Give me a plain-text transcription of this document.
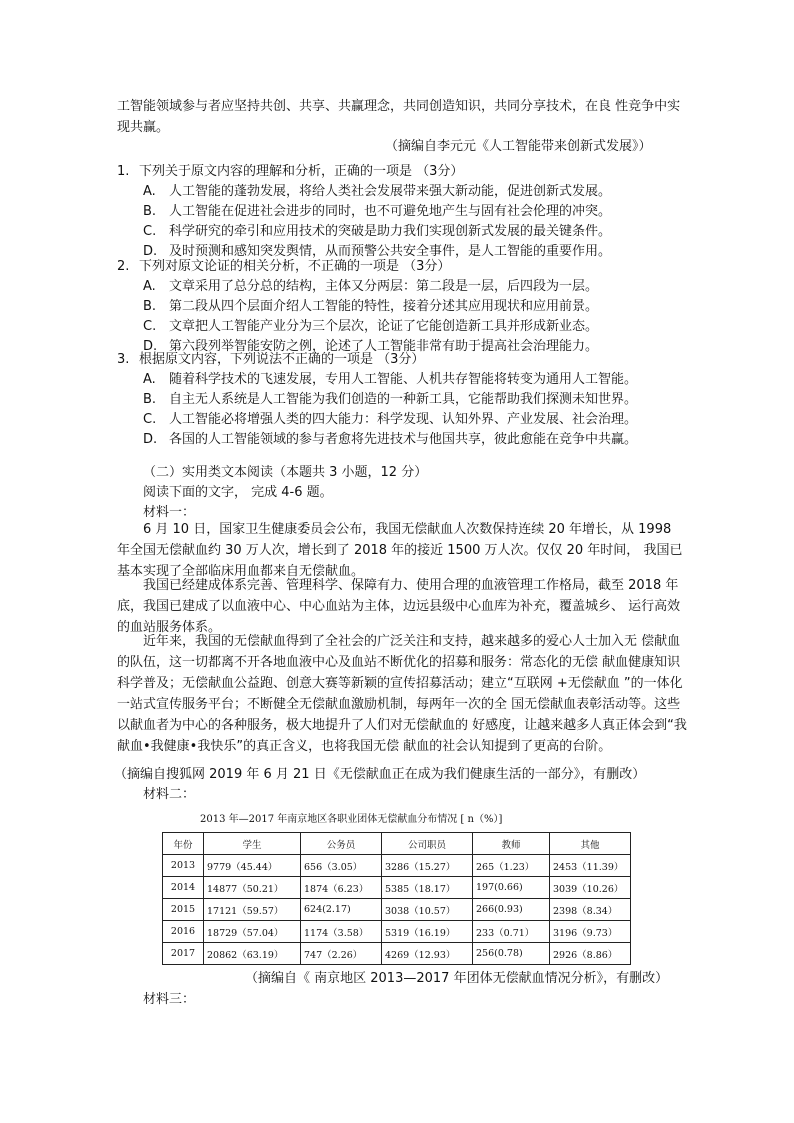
工智能领域参与者应坚持共创、共享、共赢理念，共同创造知识，共同分享技术，在良 性竞争中实现共赢。

（摘编自李元元《人工智能带来创新式发展》）

1. 下列关于原文内容的理解和分析，正确的一项是 （3分）
A.	人工智能的蓬勃发展，将给人类社会发展带来强大新动能，促进创新式发展。
B. 人工智能在促进社会进步的同时，也不可避免地产生与固有社会伦理的冲突。
C. 科学研究的牵引和应用技术的突破是助力我们实现创新式发展的最关键条件。
D. 及时预测和感知突发舆情，从而预警公共安全事件，是人工智能的重要作用。
2. 下列对原文论证的相关分析，不正确的一项是 （3分）
A.	文章采用了总分总的结构，主体又分两层：第二段是一层，后四段为一层。
B. 第二段从四个层面介绍人工智能的特性，接着分述其应用现状和应用前景。
C. 文章把人工智能产业分为三个层次，论证了它能创造新工具并形成新业态。
D. 第六段列举智能安防之例，论述了人工智能非常有助于提高社会治理能力。
3. 根据原文内容，下列说法不正确的一项是 （3分）
A.	随着科学技术的飞速发展，专用人工智能、人机共存智能将转变为通用人工智能。
B. 自主无人系统是人工智能为我们创造的一种新工具，它能帮助我们探测未知世界。
C. 人工智能必将增强人类的四大能力：科学发现、认知外界、产业发展、社会治理。
D. 各国的人工智能领域的参与者愈将先进技术与他国共享，彼此愈能在竞争中共赢。

（二）实用类文本阅读（本题共 3 小题，12 分）

阅读下面的文字， 完成 4-6 题。

材料一：

6 月 10 日，国家卫生健康委员会公布，我国无偿献血人次数保持连续 20 年增长，从 1998 年全国无偿献血约 30 万人次，增长到了 2018 年的接近 1500 万人次。仅仅 20 年时间， 我国已基本实现了全部临床用血都来自无偿献血。

我国已经建成体系完善、管理科学、保障有力、使用合理的血液管理工作格局，截至 2018 年底，我国已建成了以血液中心、中心血站为主体，边远县级中心血库为补充，覆盖城乡、 运行高效的血站服务体系。

近年来，我国的无偿献血得到了全社会的广泛关注和支持，越来越多的爱心人士加入无 偿献血的队伍，这一切都离不开各地血液中心及血站不断优化的招募和服务：常态化的无偿 献血健康知识科学普及；无偿献血公益跑、创意大赛等新颖的宣传招募活动；建立“互联网 +无偿献血 ”的一体化一站式宣传服务平台；不断健全无偿献血激励机制，每两年一次的全 国无偿献血表彰活动等。这些以献血者为中心的各种服务，极大地提升了人们对无偿献血的 好感度，让越来越多人真正体会到“我献血•我健康•我快乐”的真正含义，也将我国无偿 献血的社会认知提到了更高的台阶。

（摘编自搜狐网 2019 年 6 月 21 日《无偿献血正在成为我们健康生活的一部分》，有删改）

材料二：

2013 年—2017 年南京地区各职业团体无偿献血分布情况 [ n（%）]

年份	学生	公务员	公司职员	教师	其他
2013	9779（45.44）	656（3.05）	3286（15.27）	265（1.23）	2453（11.39）
2014	14877（50.21）	1874（6.23）	5385（18.17）	197(0.66)	3039（10.26）
2015	17121（59.57）	624(2.17)	3038（10.57）	266(0.93)	2398（8.34）
2016	18729（57.04）	1174（3.58）	5319（16.19）	233（0.71）	3196（9.73）
2017	20862（63.19）	747（2.26）	4269（12.93）	256(0.78)	2926（8.86）

（摘编自《 南京地区 2013—2017 年团体无偿献血情况分析》，有删改）

材料三：
